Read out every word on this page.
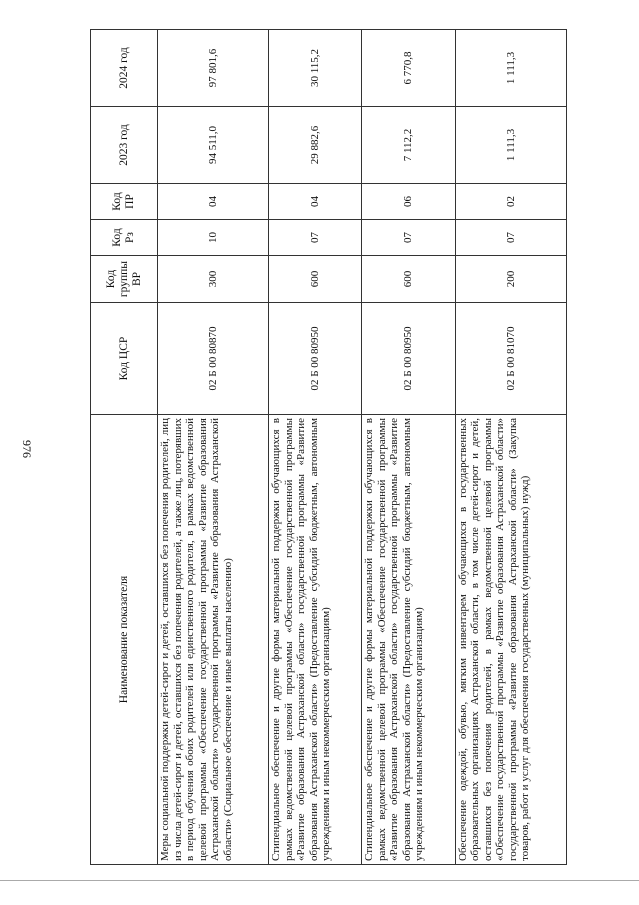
976
Наименование показателя	Код ЦСР	Код группы ВР	Код Рз	Код ПР	2023 год	2024 год
Меры социальной поддержки детей-сирот и детей, оставшихся без попечения родителей, лиц из числа детей-сирот и детей, оставшихся без попечения родителей, а также лиц, потерявших в период обучения обоих родителей или единственного родителя, в рамках ведомственной целевой программы «Обеспечение государственной программы «Развитие образования Астраханской области» государственной программы «Развитие образования Астраханской области» (Социальное обеспечение и иные выплаты населению)	02 Б 00 80870	300	10	04	94 511,0	97 801,6
Стипендиальное обеспечение и другие формы материальной поддержки обучающихся в рамках ведомственной целевой программы «Обеспечение государственной программы «Развитие образования Астраханской области» государственной программы «Развитие образования Астраханской области» (Предоставление субсидий бюджетным, автономным учреждениям и иным некоммерческим организациям)	02 Б 00 80950	600	07	04	29 882,6	30 115,2
Стипендиальное обеспечение и другие формы материальной поддержки обучающихся в рамках ведомственной целевой программы «Обеспечение государственной программы «Развитие образования Астраханской области» государственной программы «Развитие образования Астраханской области» (Предоставление субсидий бюджетным, автономным учреждениям и иным некоммерческим организациям)	02 Б 00 80950	600	07	06	7 112,2	6 770,8
Обеспечение одеждой, обувью, мягким инвентарем обучающихся в государственных образовательных организациях Астраханской области, в том числе детей-сирот и детей, оставшихся без попечения родителей, в рамках ведомственной целевой программы «Обеспечение государственной программы «Развитие образования Астраханской области» государственной программы «Развитие образования Астраханской области» (Закупка товаров, работ и услуг для обеспечения государственных (муниципальных) нужд)	02 Б 00 81070	200	07	02	1 111,3	1 111,3
